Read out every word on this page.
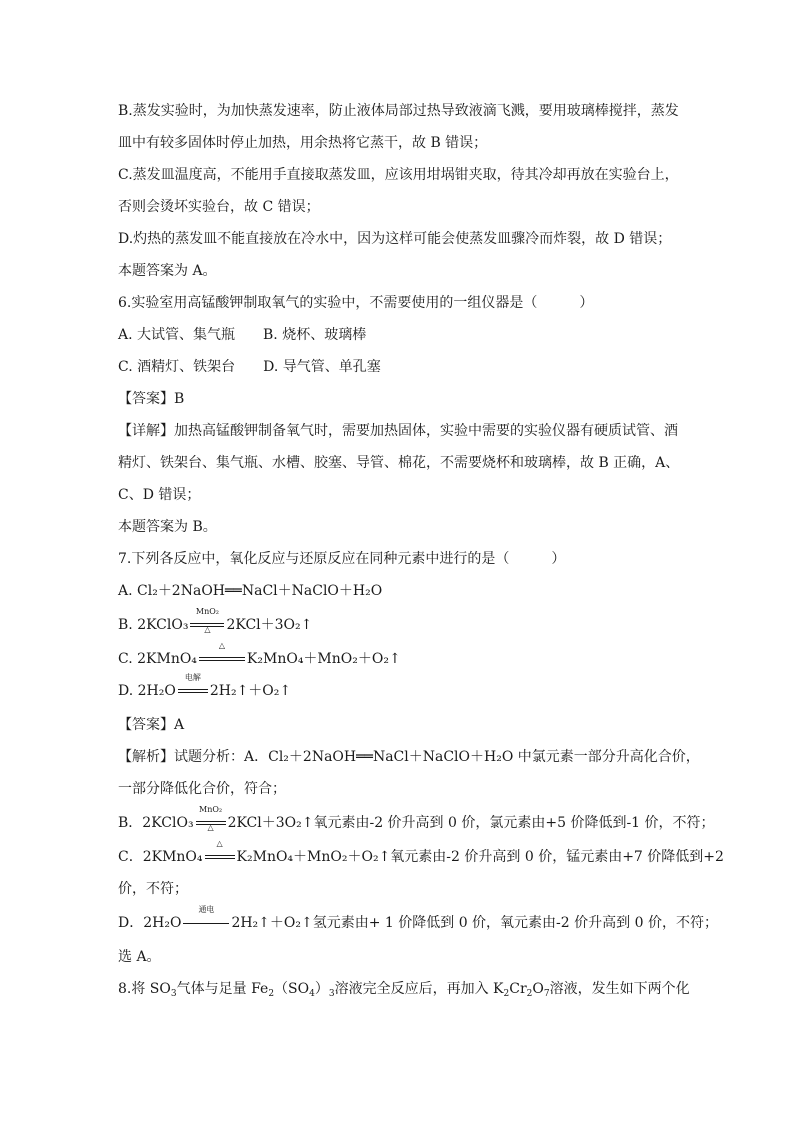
B.蒸发实验时，为加快蒸发速率，防止液体局部过热导致液滴飞溅，要用玻璃棒搅拌，蒸发
皿中有较多固体时停止加热，用余热将它蒸干，故 B 错误；
C.蒸发皿温度高，不能用手直接取蒸发皿，应该用坩埚钳夹取，待其冷却再放在实验台上，
否则会烫坏实验台，故 C 错误；
D.灼热的蒸发皿不能直接放在冷水中，因为这样可能会使蒸发皿骤冷而炸裂，故 D 错误；
本题答案为 A。
6.实验室用高锰酸钾制取氧气的实验中，不需要使用的一组仪器是（　　　）
A. 大试管、集气瓶　　B. 烧杯、玻璃棒
C. 酒精灯、铁架台　　D. 导气管、单孔塞
【答案】B
【详解】加热高锰酸钾制备氧气时，需要加热固体，实验中需要的实验仪器有硬质试管、酒
精灯、铁架台、集气瓶、水槽、胶塞、导管、棉花，不需要烧杯和玻璃棒，故 B 正确，A、
C、D 错误；
本题答案为 B。
7.下列各反应中，氧化反应与还原反应在同种元素中进行的是（　　　）
A. Cl₂＋2NaOH══NaCl＋NaClO＋H₂O
B. 2KClO₃
MnO₂
△	2KCl＋3O₂↑
C. 2KMnO₄
△
K₂MnO₄＋MnO₂＋O₂↑
D. 2H₂O
电解
2H₂↑＋O₂↑
【答案】A
【解析】试题分析：A．Cl₂＋2NaOH══NaCl＋NaClO＋H₂O 中氯元素一部分升高化合价，
一部分降低化合价，符合；
B．2KClO₃
MnO₂
△ 2KCl＋3O₂↑氧元素由-2 价升高到 0 价，氯元素由+5 价降低到-1 价，不符；
C．2KMnO₄
△
K₂MnO₄＋MnO₂＋O₂↑氧元素由-2 价升高到 0 价，锰元素由+7 价降低到+2
价，不符；
D．2H₂O
通电
2H₂↑＋O₂↑氢元素由+ 1 价降低到 0 价，氧元素由-2 价升高到 0 价，不符；
选 A。
8.将 $SO_3$气体与足量 $Fe_2(SO_4)_3$溶液完全反应后，再加入 $K_2Cr_2O_7$溶液，发生如下两个化
